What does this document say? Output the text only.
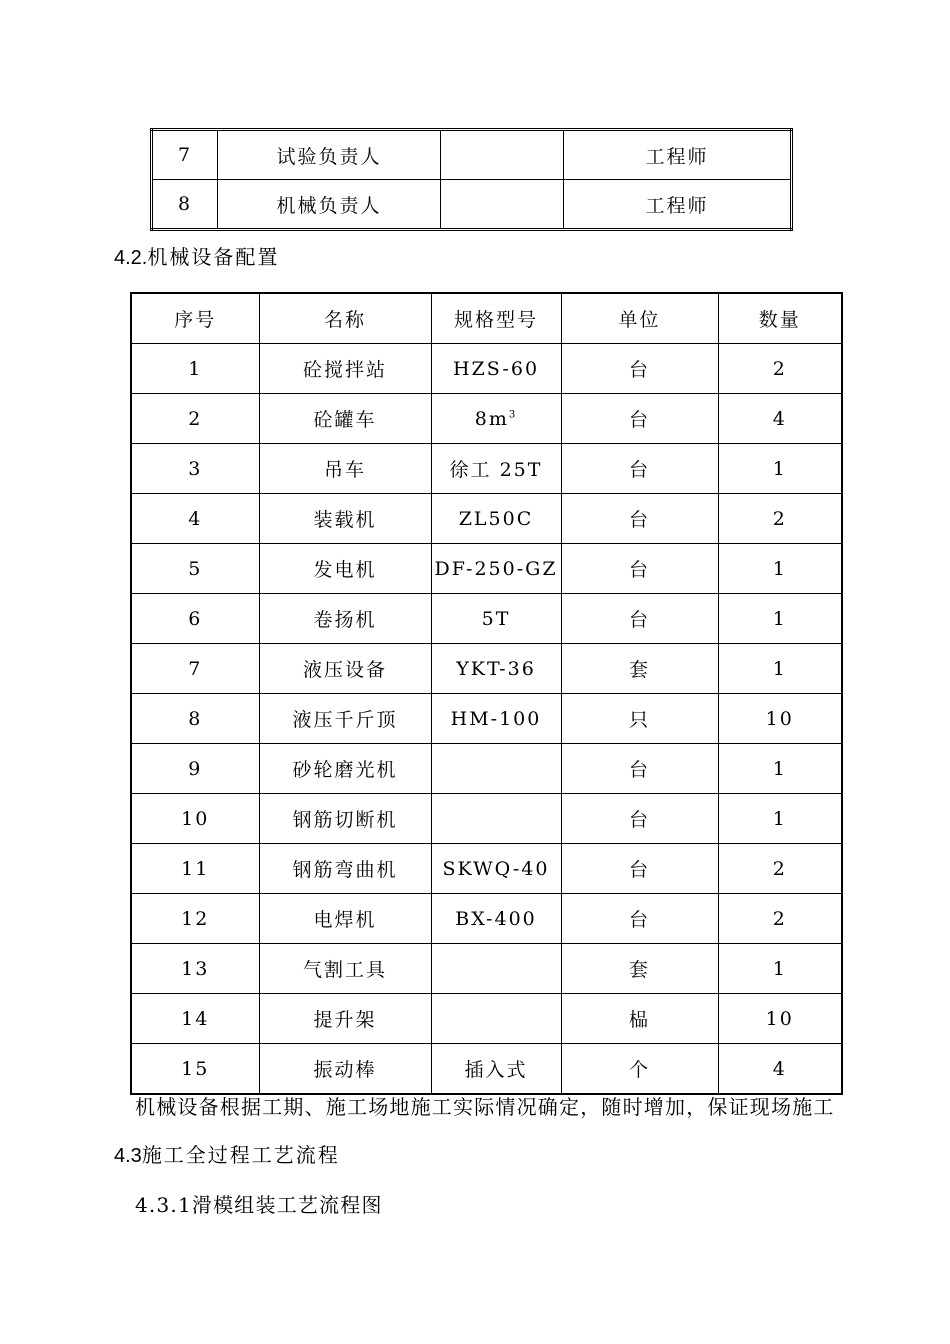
7	试验负责人		工程师
8	机械负责人		工程师
4.2.机械设备配置
序号	名称	规格型号	单位	数量
1	砼搅拌站	HZS-60	台	2
2	砼罐车	$8m^3$	台	4
3	吊车	徐工 25T	台	1
4	装载机	ZL50C	台	2
5	发电机	DF-250-GZ	台	1
6	卷扬机	5T	台	1
7	液压设备	YKT-36	套	1
8	液压千斤顶	HM-100	只	10
9	砂轮磨光机		台	1
10	钢筋切断机		台	1
11	钢筋弯曲机	SKWQ-40	台	2
12	电焊机	BX-400	台	2
13	气割工具		套	1
14	提升架		榀	10
15	振动棒	插入式	个	4
机械设备根据工期、施工场地施工实际情况确定，随时增加，保证现场施工
4.3施工全过程工艺流程
4.3.1滑模组装工艺流程图
